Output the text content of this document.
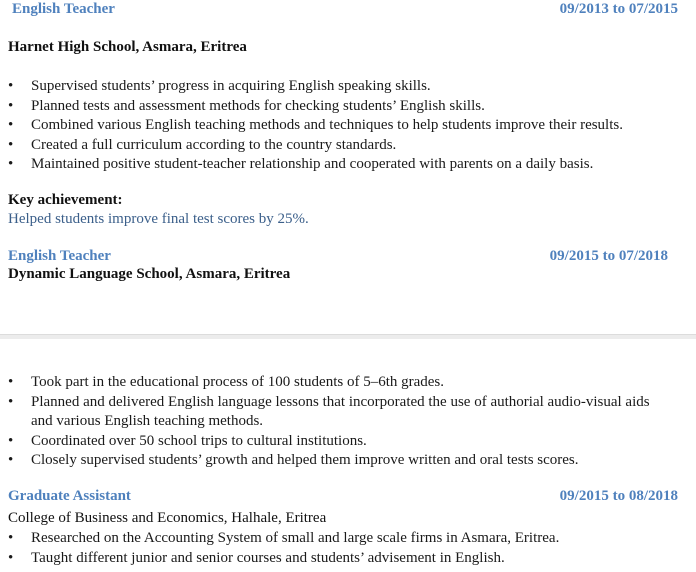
English Teacher	09/2013 to 07/2015
Harnet High School, Asmara, Eritrea
• Supervised students’ progress in acquiring English speaking skills.
• Planned tests and assessment methods for checking students’ English skills.
• Combined various English teaching methods and techniques to help students improve their results.
• Created a full curriculum according to the country standards.
• Maintained positive student-teacher relationship and cooperated with parents on a daily basis.
Key achievement:
Helped students improve final test scores by 25%.
English Teacher	09/2015 to 07/2018
Dynamic Language School, Asmara, Eritrea
• Took part in the educational process of 100 students of 5–6th grades.
• Planned and delivered English language lessons that incorporated the use of authorial audio-visual aids
and various English teaching methods.
• Coordinated over 50 school trips to cultural institutions.
• Closely supervised students’ growth and helped them improve written and oral tests scores.
Graduate Assistant	09/2015 to 08/2018
College of Business and Economics, Halhale, Eritrea
• Researched on the Accounting System of small and large scale firms in Asmara, Eritrea.
• Taught different junior and senior courses and students’ advisement in English.
